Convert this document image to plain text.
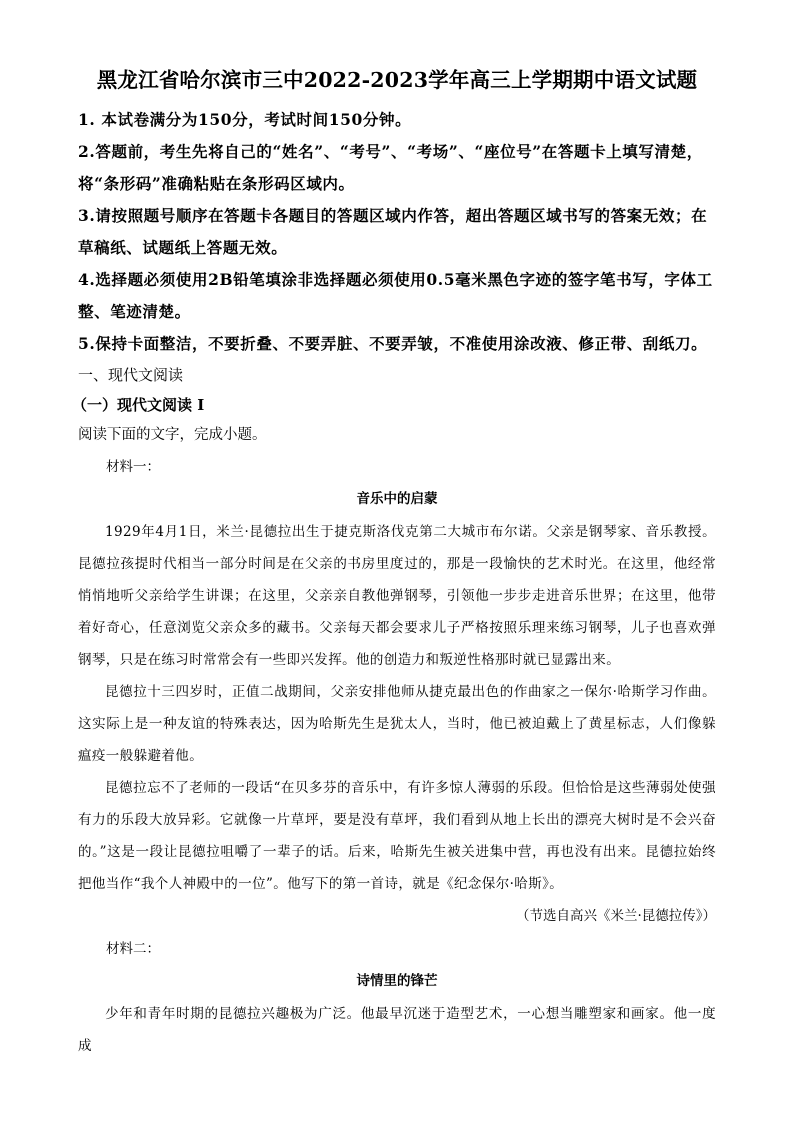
黑龙江省哈尔滨市三中2022-2023学年高三上学期期中语文试题

1. 本试卷满分为150分，考试时间150分钟。

2.答题前，考生先将自己的“姓名”、“考号”、“考场”、“座位号”在答题卡上填写清楚，将“条形码”准确粘贴在条形码区域内。

3.请按照题号顺序在答题卡各题目的答题区域内作答，超出答题区域书写的答案无效；在草稿纸、试题纸上答题无效。

4.选择题必须使用2B铅笔填涂非选择题必须使用0.5毫米黑色字迹的签字笔书写，字体工整、笔迹清楚。

5.保持卡面整洁，不要折叠、不要弄脏、不要弄皱，不准使用涂改液、修正带、刮纸刀。

一、现代文阅读

（一）现代文阅读 I

阅读下面的文字，完成小题。

材料一：

音乐中的启蒙

1929年4月1日，米兰·昆德拉出生于捷克斯洛伐克第二大城市布尔诺。父亲是钢琴家、音乐教授。昆德拉孩提时代相当一部分时间是在父亲的书房里度过的，那是一段愉快的艺术时光。在这里，他经常悄悄地听父亲给学生讲课；在这里，父亲亲自教他弹钢琴，引领他一步步走进音乐世界；在这里，他带着好奇心，任意浏览父亲众多的藏书。父亲每天都会要求儿子严格按照乐理来练习钢琴，儿子也喜欢弹钢琴，只是在练习时常常会有一些即兴发挥。他的创造力和叛逆性格那时就已显露出来。

昆德拉十三四岁时，正值二战期间，父亲安排他师从捷克最出色的作曲家之一保尔·哈斯学习作曲。这实际上是一种友谊的特殊表达，因为哈斯先生是犹太人，当时，他已被迫戴上了黄星标志，人们像躲瘟疫一般躲避着他。

昆德拉忘不了老师的一段话“在贝多芬的音乐中，有许多惊人薄弱的乐段。但恰恰是这些薄弱处使强有力的乐段大放异彩。它就像一片草坪，要是没有草坪，我们看到从地上长出的漂亮大树时是不会兴奋的。”这是一段让昆德拉咀嚼了一辈子的话。后来，哈斯先生被关进集中营，再也没有出来。昆德拉始终把他当作“我个人神殿中的一位”。他写下的第一首诗，就是《纪念保尔·哈斯》。

（节选自高兴《米兰·昆德拉传》）

材料二：

诗情里的锋芒

少年和青年时期的昆德拉兴趣极为广泛。他最早沉迷于造型艺术，一心想当雕塑家和画家。他一度成
